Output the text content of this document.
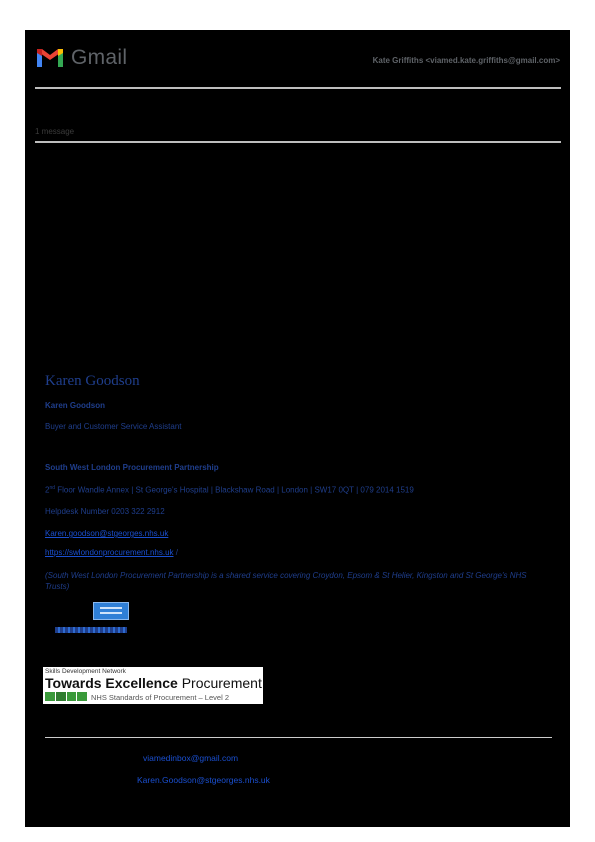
Gmail	Kate Griffiths <viamed.kate.griffiths@gmail.com>
1 message
Karen Goodson
Karen Goodson
Buyer and Customer Service Assistant
South West London Procurement Partnership
2nd Floor Wandle Annex | St George's Hospital | Blackshaw Road | London | SW17 0QT | 079 2014 1519
Helpdesk Number 0203 322 2912
Karen.goodson@stgeorges.nhs.uk
https://swlondonprocurement.nhs.uk /
(South West London Procurement Partnership is a shared service covering Croydon, Epsom & St Helier, Kingston and St George's NHS Trusts)
Skills Development Network
Towards Excellence Procurement
NHS Standards of Procurement – Level 2
viamedinbox@gmail.com
Karen.Goodson@stgeorges.nhs.uk
